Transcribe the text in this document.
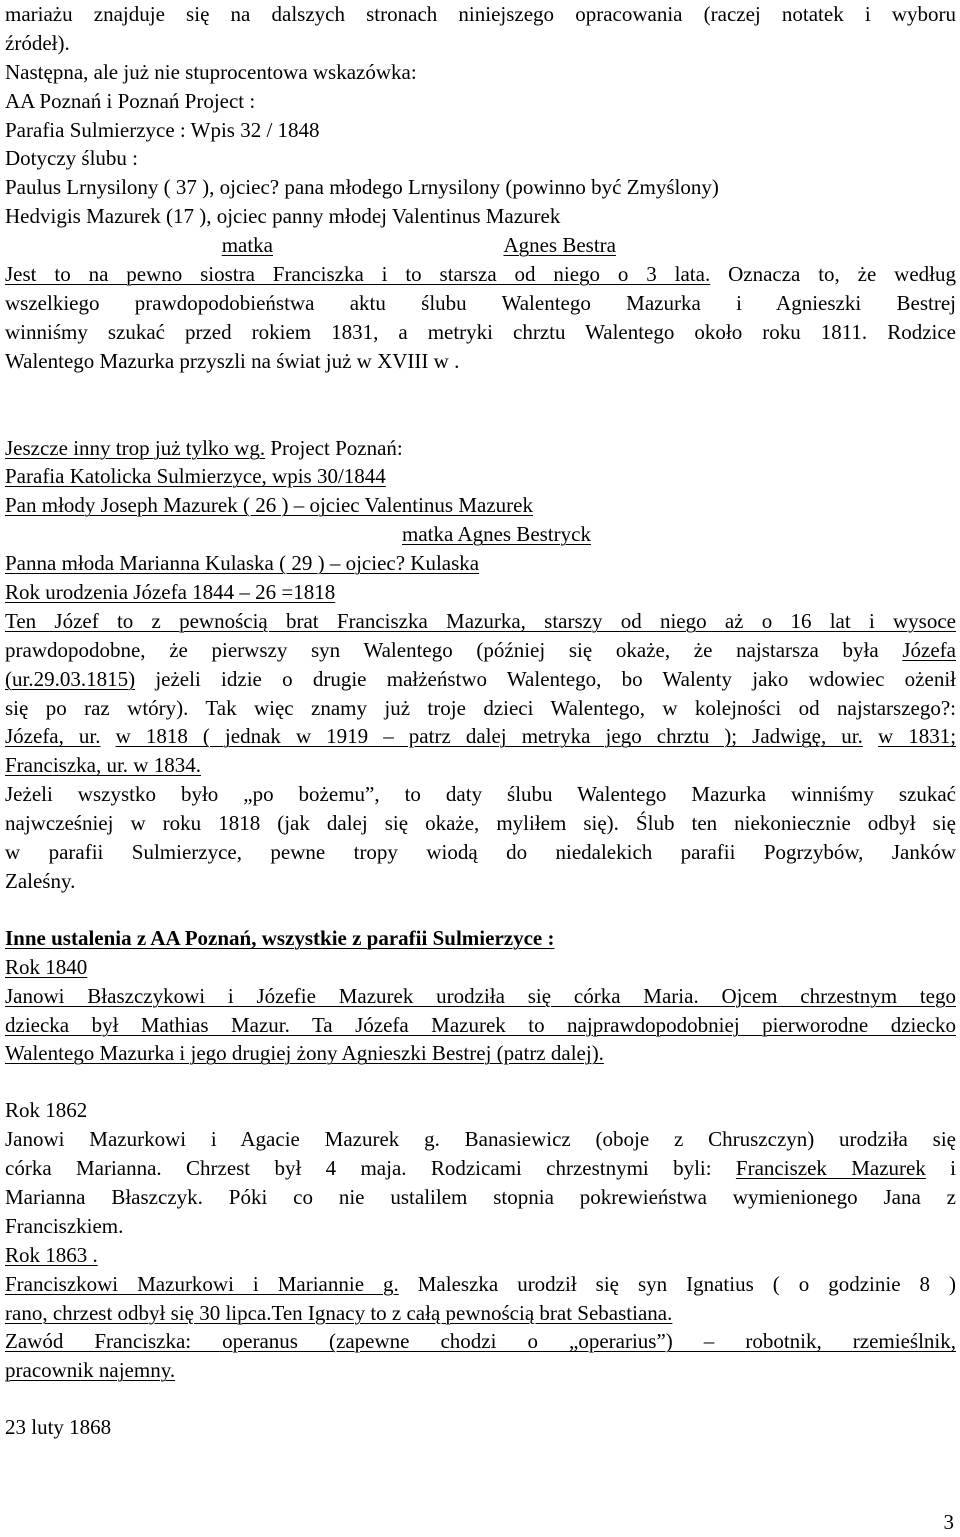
mariażu znajduje się na dalszych stronach niniejszego opracowania (raczej notatek i wyboru
źródeł).
Następna, ale już nie stuprocentowa wskazówka:
AA Poznań i Poznań Project :
Parafia Sulmierzyce : Wpis 32 / 1848
Dotyczy ślubu :
Paulus Lrnysilony ( 37 ), ojciec? pana młodego Lrnysilony (powinno być Zmyślony)
Hedvigis Mazurek (17 ), ojciec panny młodej Valentinus Mazurek
matka	Agnes Bestra
Jest to na pewno siostra Franciszka i to starsza od niego o 3 lata. Oznacza to, że według
wszelkiego prawdopodobieństwa aktu ślubu Walentego Mazurka i Agnieszki Bestrej
winniśmy szukać przed rokiem 1831, a metryki chrztu Walentego około roku 1811. Rodzice
Walentego Mazurka przyszli na świat już w XVIII w .
Jeszcze inny trop już tylko wg. Project Poznań:
Parafia Katolicka Sulmierzyce, wpis 30/1844
Pan młody Joseph Mazurek ( 26 ) – ojciec Valentinus Mazurek
matka Agnes Bestryck
Panna młoda Marianna Kulaska ( 29 ) – ojciec? Kulaska
Rok urodzenia Józefa 1844 – 26 =1818
Ten Józef to z pewnością brat Franciszka Mazurka, starszy od niego aż o 16 lat i wysoce
prawdopodobne, że pierwszy syn Walentego (później się okaże, że najstarsza była Józefa
(ur.29.03.1815) jeżeli idzie o drugie małżeństwo Walentego, bo Walenty jako wdowiec ożenił
się po raz wtóry). Tak więc znamy już troje dzieci Walentego, w kolejności od najstarszego?:
Józefa, ur. w 1818 ( jednak w 1919 – patrz dalej metryka jego chrztu ); Jadwigę, ur. w 1831;
Franciszka, ur. w 1834.
Jeżeli wszystko było „po bożemu”, to daty ślubu Walentego Mazurka winniśmy szukać
najwcześniej w roku 1818 (jak dalej się okaże, myliłem się). Ślub ten niekoniecznie odbył się
w parafii Sulmierzyce, pewne tropy wiodą do niedalekich parafii Pogrzybów, Janków
Zaleśny.
Inne ustalenia z AA Poznań, wszystkie z parafii Sulmierzyce :
Rok 1840
Janowi Błaszczykowi i Józefie Mazurek urodziła się córka Maria. Ojcem chrzestnym tego
dziecka był Mathias Mazur. Ta Józefa Mazurek to najprawdopodobniej pierworodne dziecko
Walentego Mazurka i jego drugiej żony Agnieszki Bestrej (patrz dalej).
Rok 1862
Janowi Mazurkowi i Agacie Mazurek g. Banasiewicz (oboje z Chruszczyn) urodziła się
córka Marianna. Chrzest był 4 maja. Rodzicami chrzestnymi byli: Franciszek Mazurek i
Marianna Błaszczyk. Póki co nie ustalilem stopnia pokrewieństwa wymienionego Jana z
Franciszkiem.
Rok 1863 .
Franciszkowi Mazurkowi i Mariannie g. Maleszka urodził się syn Ignatius ( o godzinie 8 )
rano, chrzest odbył się 30 lipca.Ten Ignacy to z całą pewnością brat Sebastiana.
Zawód Franciszka: operanus (zapewne chodzi o „operarius”) – robotnik, rzemieślnik,
pracownik najemny.
23 luty 1868
3
